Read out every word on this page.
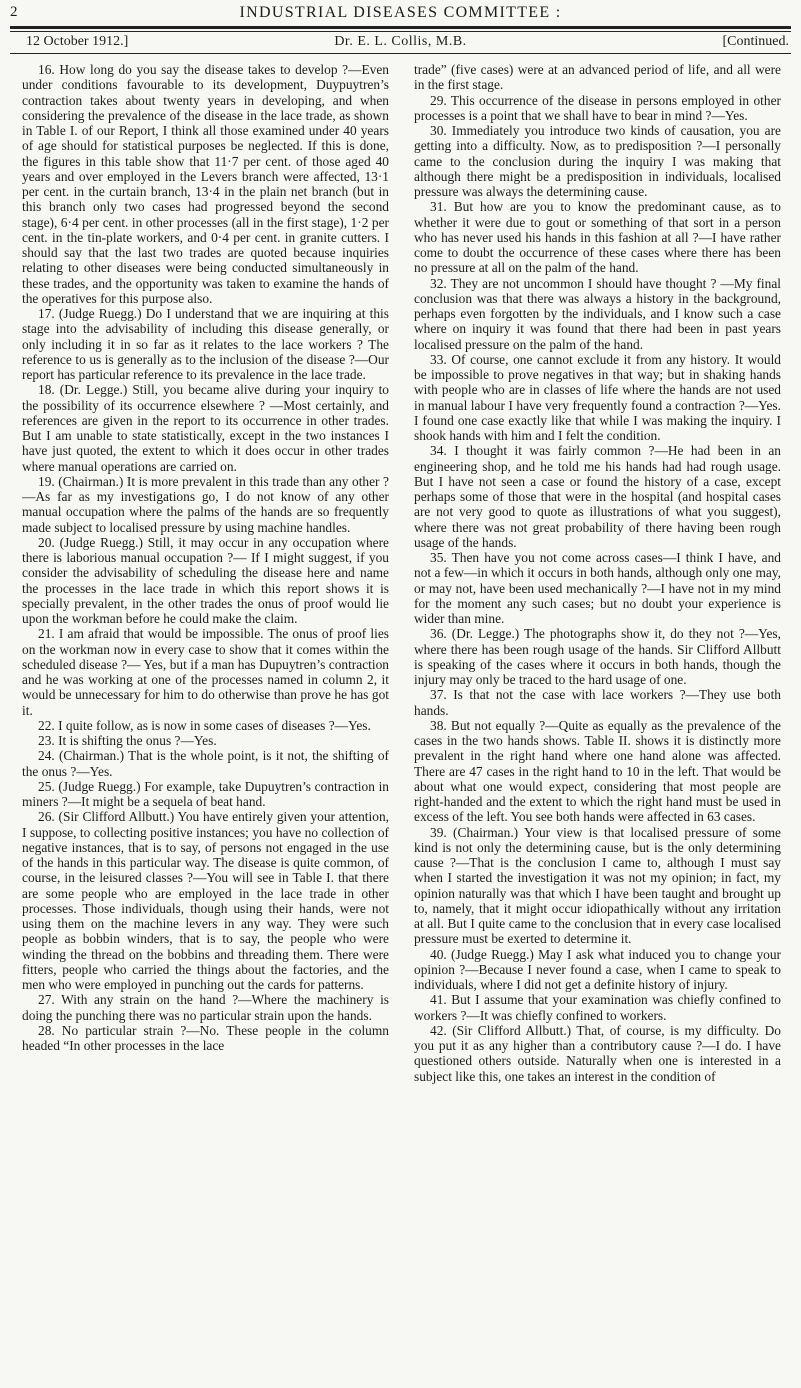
2	INDUSTRIAL DISEASES COMMITTEE :
12 October 1912.]	Dr. E. L. Collis, M.B.	[Continued.

16. How long do you say the disease takes to develop ?—Even under conditions favourable to its development, Duypuytren’s contraction takes about twenty years in developing, and when considering the prevalence of the disease in the lace trade, as shown in Table I. of our Report, I think all those examined under 40 years of age should for statistical purposes be neglected. If this is done, the figures in this table show that 11·7 per cent. of those aged 40 years and over employed in the Levers branch were affected, 13·1 per cent. in the curtain branch, 13·4 in the plain net branch (but in this branch only two cases had progressed beyond the second stage), 6·4 per cent. in other processes (all in the first stage), 1·2 per cent. in the tin-plate workers, and 0·4 per cent. in granite cutters. I should say that the last two trades are quoted because inquiries relating to other diseases were being conducted simultaneously in these trades, and the opportunity was taken to examine the hands of the operatives for this purpose also.

17. (Judge Ruegg.) Do I understand that we are inquiring at this stage into the advisability of including this disease generally, or only including it in so far as it relates to the lace workers ? The reference to us is generally as to the inclusion of the disease ?—Our report has particular reference to its prevalence in the lace trade.

18. (Dr. Legge.) Still, you became alive during your inquiry to the possibility of its occurrence elsewhere ? —Most certainly, and references are given in the report to its occurrence in other trades. But I am unable to state statistically, except in the two instances I have just quoted, the extent to which it does occur in other trades where manual operations are carried on.

19. (Chairman.) It is more prevalent in this trade than any other ?—As far as my investigations go, I do not know of any other manual occupation where the palms of the hands are so frequently made subject to localised pressure by using machine handles.

20. (Judge Ruegg.) Still, it may occur in any occupation where there is laborious manual occupation ?— If I might suggest, if you consider the advisability of scheduling the disease here and name the processes in the lace trade in which this report shows it is specially prevalent, in the other trades the onus of proof would lie upon the workman before he could make the claim.

21. I am afraid that would be impossible. The onus of proof lies on the workman now in every case to show that it comes within the scheduled disease ?— Yes, but if a man has Dupuytren’s contraction and he was working at one of the processes named in column 2, it would be unnecessary for him to do otherwise than prove he has got it.

22. I quite follow, as is now in some cases of diseases ?—Yes.

23. It is shifting the onus ?—Yes.

24. (Chairman.) That is the whole point, is it not, the shifting of the onus ?—Yes.

25. (Judge Ruegg.) For example, take Dupuytren’s contraction in miners ?—It might be a sequela of beat hand.

26. (Sir Clifford Allbutt.) You have entirely given your attention, I suppose, to collecting positive instances; you have no collection of negative instances, that is to say, of persons not engaged in the use of the hands in this particular way. The disease is quite common, of course, in the leisured classes ?—You will see in Table I. that there are some people who are employed in the lace trade in other processes. Those individuals, though using their hands, were not using them on the machine levers in any way. They were such people as bobbin winders, that is to say, the people who were winding the thread on the bobbins and threading them. There were fitters, people who carried the things about the factories, and the men who were employed in punching out the cards for patterns.

27. With any strain on the hand ?—Where the machinery is doing the punching there was no particular strain upon the hands.

28. No particular strain ?—No. These people in the column headed “In other processes in the lace

trade” (five cases) were at an advanced period of life, and all were in the first stage.

29. This occurrence of the disease in persons employed in other processes is a point that we shall have to bear in mind ?—Yes.

30. Immediately you introduce two kinds of causation, you are getting into a difficulty. Now, as to predisposition ?—I personally came to the conclusion during the inquiry I was making that although there might be a predisposition in individuals, localised pressure was always the determining cause.

31. But how are you to know the predominant cause, as to whether it were due to gout or something of that sort in a person who has never used his hands in this fashion at all ?—I have rather come to doubt the occurrence of these cases where there has been no pressure at all on the palm of the hand.

32. They are not uncommon I should have thought ? —My final conclusion was that there was always a history in the background, perhaps even forgotten by the individuals, and I know such a case where on inquiry it was found that there had been in past years localised pressure on the palm of the hand.

33. Of course, one cannot exclude it from any history. It would be impossible to prove negatives in that way; but in shaking hands with people who are in classes of life where the hands are not used in manual labour I have very frequently found a contraction ?—Yes. I found one case exactly like that while I was making the inquiry. I shook hands with him and I felt the condition.

34. I thought it was fairly common ?—He had been in an engineering shop, and he told me his hands had had rough usage. But I have not seen a case or found the history of a case, except perhaps some of those that were in the hospital (and hospital cases are not very good to quote as illustrations of what you suggest), where there was not great probability of there having been rough usage of the hands.

35. Then have you not come across cases—I think I have, and not a few—in which it occurs in both hands, although only one may, or may not, have been used mechanically ?—I have not in my mind for the moment any such cases; but no doubt your experience is wider than mine.

36. (Dr. Legge.) The photographs show it, do they not ?—Yes, where there has been rough usage of the hands. Sir Clifford Allbutt is speaking of the cases where it occurs in both hands, though the injury may only be traced to the hard usage of one.

37. Is that not the case with lace workers ?—They use both hands.

38. But not equally ?—Quite as equally as the prevalence of the cases in the two hands shows. Table II. shows it is distinctly more prevalent in the right hand where one hand alone was affected. There are 47 cases in the right hand to 10 in the left. That would be about what one would expect, considering that most people are right-handed and the extent to which the right hand must be used in excess of the left. You see both hands were affected in 63 cases.

39. (Chairman.) Your view is that localised pressure of some kind is not only the determining cause, but is the only determining cause ?—That is the conclusion I came to, although I must say when I started the investigation it was not my opinion; in fact, my opinion naturally was that which I have been taught and brought up to, namely, that it might occur idiopathically without any irritation at all. But I quite came to the conclusion that in every case localised pressure must be exerted to determine it.

40. (Judge Ruegg.) May I ask what induced you to change your opinion ?—Because I never found a case, when I came to speak to individuals, where I did not get a definite history of injury.

41. But I assume that your examination was chiefly confined to workers ?—It was chiefly confined to workers.

42. (Sir Clifford Allbutt.) That, of course, is my difficulty. Do you put it as any higher than a contributory cause ?—I do. I have questioned others outside. Naturally when one is interested in a subject like this, one takes an interest in the condition of
